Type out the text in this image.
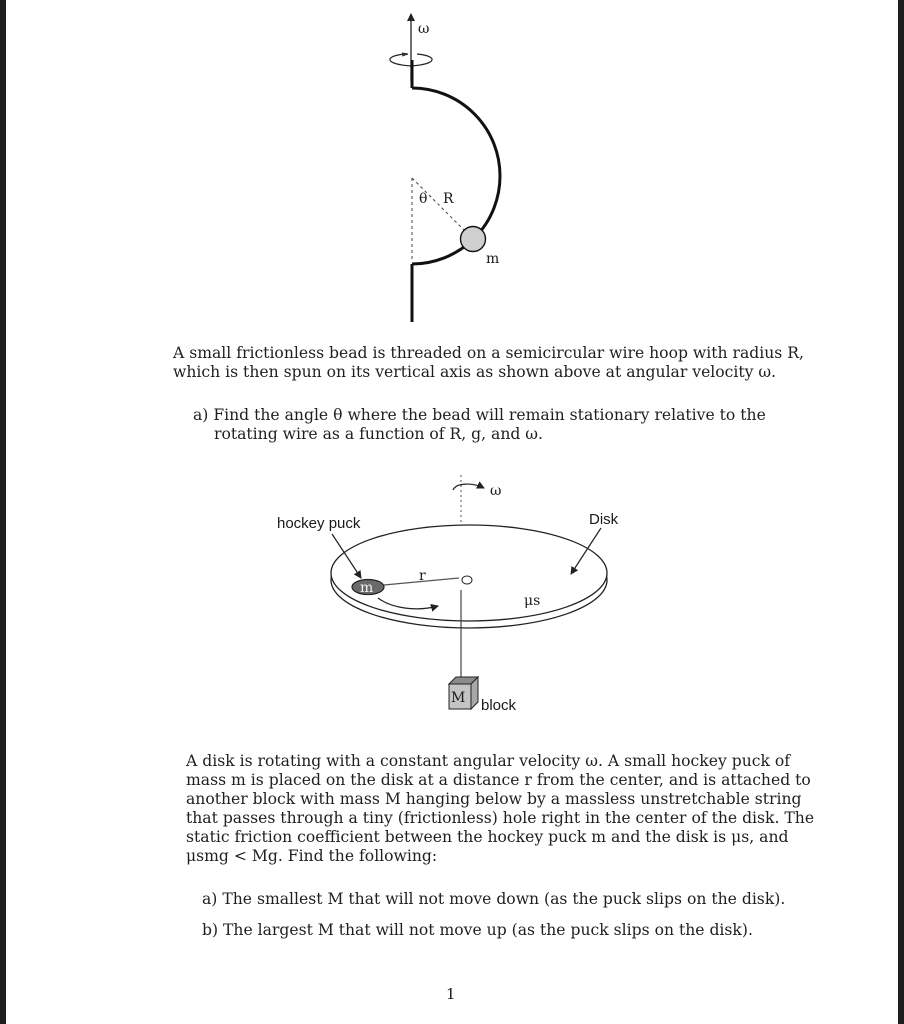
ω
θ R
m
ω
m
r
μs
hockey puck	Disk
M block
A small frictionless bead is threaded on a semicircular wire hoop with radius R,
which is then spun on its vertical axis as shown above at angular velocity ω.
a) Find the angle θ where the bead will remain stationary relative to the
rotating wire as a function of R, g, and ω.
A disk is rotating with a constant angular velocity ω. A small hockey puck of
mass m is placed on the disk at a distance r from the center, and is attached to
another block with mass M hanging below by a massless unstretchable string
that passes through a tiny (frictionless) hole right in the center of the disk. The
static friction coefficient between the hockey puck m and the disk is μs, and
μsmg < Mg. Find the following:
a) The smallest M that will not move down (as the puck slips on the disk).
b) The largest M that will not move up (as the puck slips on the disk).
1
